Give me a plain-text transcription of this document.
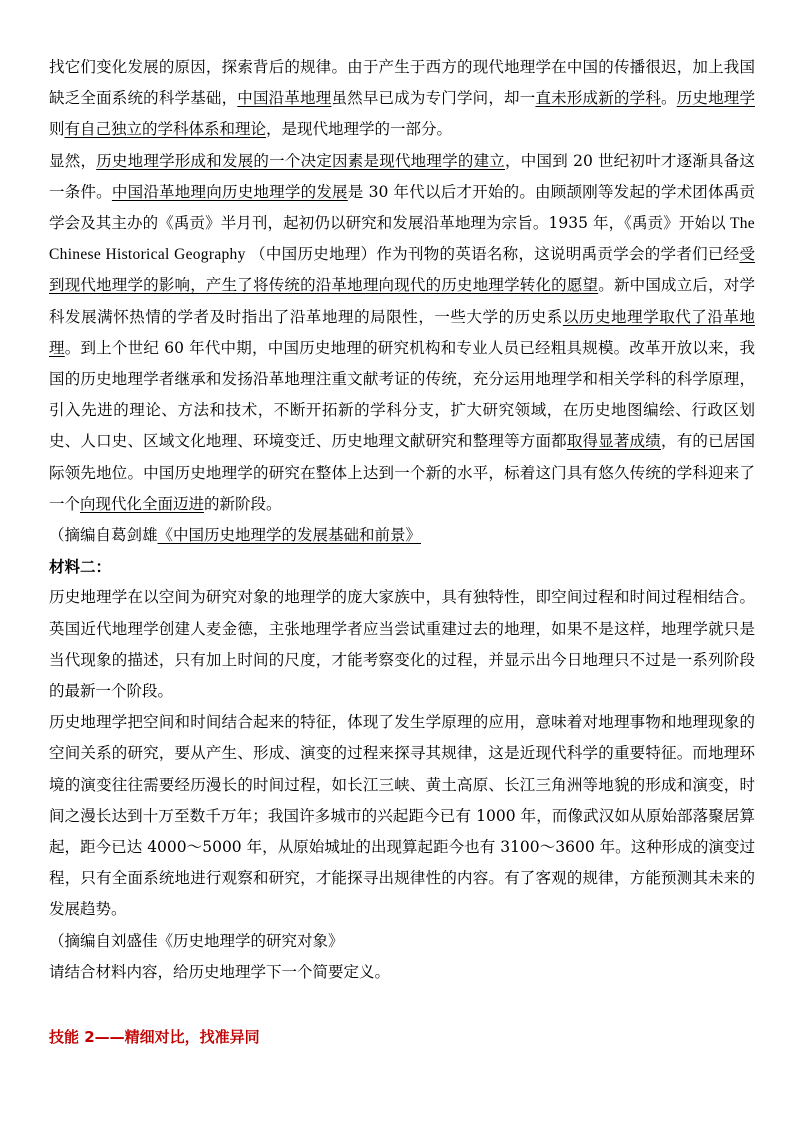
找它们变化发展的原因，探索背后的规律。由于产生于西方的现代地理学在中国的传播很迟，加上我国缺乏全面系统的科学基础，中国沿革地理虽然早已成为专门学问，却一直未形成新的学科。历史地理学则有自己独立的学科体系和理论，是现代地理学的一部分。

显然，历史地理学形成和发展的一个决定因素是现代地理学的建立，中国到 20 世纪初叶才逐渐具备这一条件。中国沿革地理向历史地理学的发展是 30 年代以后才开始的。由顾颉刚等发起的学术团体禹贡学会及其主办的《禹贡》半月刊，起初仍以研究和发展沿革地理为宗旨。1935 年，《禹贡》开始以 The Chinese Historical Geography （中国历史地理）作为刊物的英语名称，这说明禹贡学会的学者们已经受到现代地理学的影响，产生了将传统的沿革地理向现代的历史地理学转化的愿望。新中国成立后，对学科发展满怀热情的学者及时指出了沿革地理的局限性，一些大学的历史系以历史地理学取代了沿革地理。到上个世纪 60 年代中期，中国历史地理的研究机构和专业人员已经粗具规模。改革开放以来，我国的历史地理学者继承和发扬沿革地理注重文献考证的传统，充分运用地理学和相关学科的科学原理，引入先进的理论、方法和技术，不断开拓新的学科分支，扩大研究领域，在历史地图编绘、行政区划史、人口史、区域文化地理、环境变迁、历史地理文献研究和整理等方面都取得显著成绩，有的已居国际领先地位。中国历史地理学的研究在整体上达到一个新的水平，标着这门具有悠久传统的学科迎来了一个向现代化全面迈进的新阶段。

（摘编自葛剑雄《中国历史地理学的发展基础和前景》

材料二：

历史地理学在以空间为研究对象的地理学的庞大家族中，具有独特性，即空间过程和时间过程相结合。英国近代地理学创建人麦金德，主张地理学者应当尝试重建过去的地理，如果不是这样，地理学就只是当代现象的描述，只有加上时间的尺度，才能考察变化的过程，并显示出今日地理只不过是一系列阶段的最新一个阶段。

历史地理学把空间和时间结合起来的特征，体现了发生学原理的应用，意味着对地理事物和地理现象的空间关系的研究，要从产生、形成、演变的过程来探寻其规律，这是近现代科学的重要特征。而地理环境的演变往往需要经历漫长的时间过程，如长江三峡、黄土高原、长江三角洲等地貌的形成和演变，时间之漫长达到十万至数千万年；我国许多城市的兴起距今已有 1000 年，而像武汉如从原始部落聚居算起，距今已达 4000～5000 年，从原始城址的出现算起距今也有 3100～3600 年。这种形成的演变过程，只有全面系统地进行观察和研究，才能探寻出规律性的内容。有了客观的规律，方能预测其未来的发展趋势。

（摘编自刘盛佳《历史地理学的研究对象》

请结合材料内容，给历史地理学下一个简要定义。

技能 2——精细对比，找准异同
